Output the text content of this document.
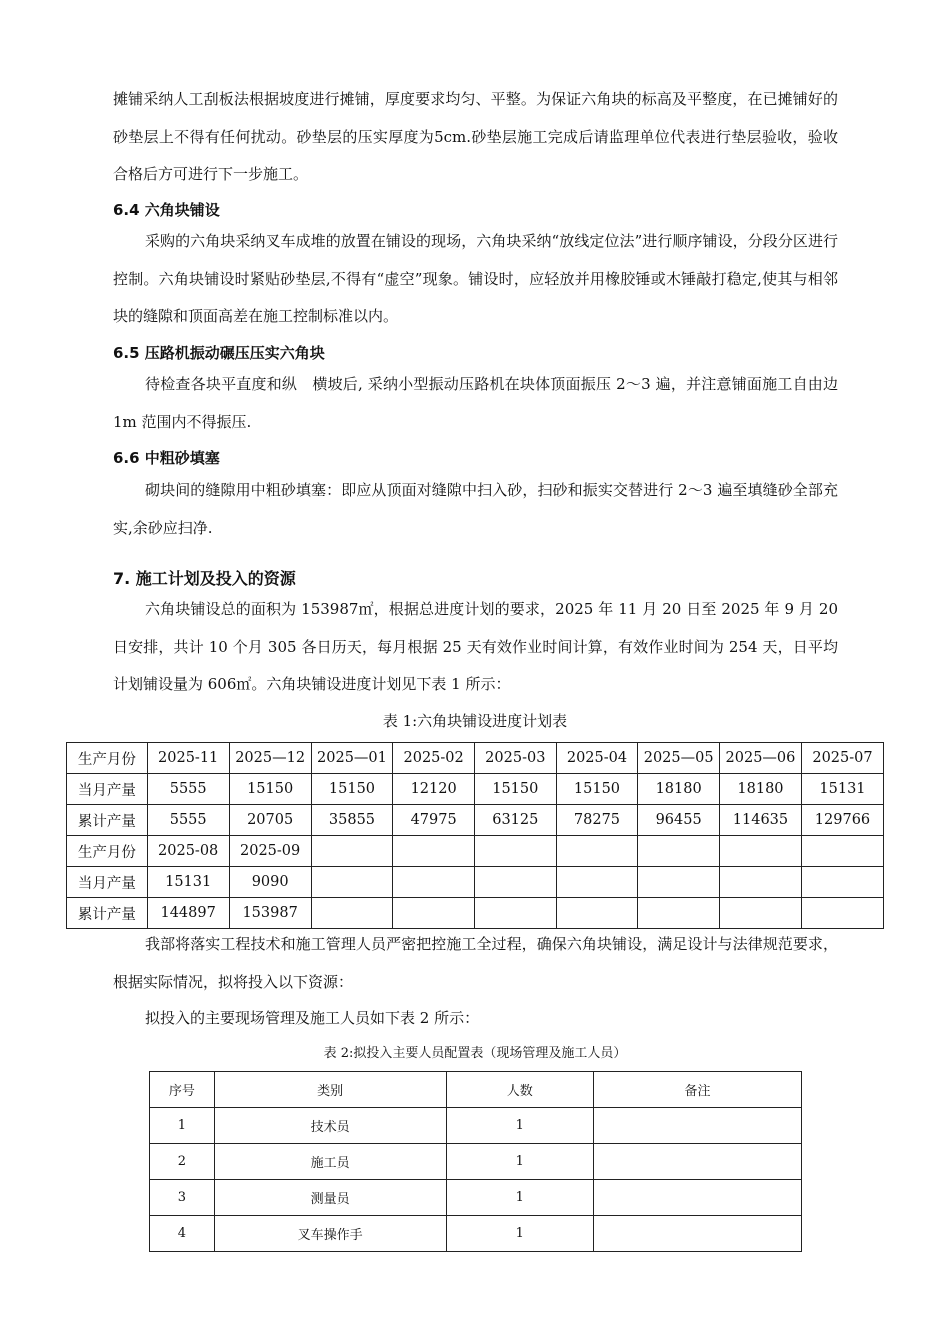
摊铺采纳人工刮板法根据坡度进行摊铺，厚度要求均匀、平整。为保证六角块的标高及平整度，在已摊铺好的砂垫层上不得有任何扰动。砂垫层的压实厚度为5cm.砂垫层施工完成后请监理单位代表进行垫层验收，验收合格后方可进行下一步施工。

6.4 六角块铺设

采购的六角块采纳叉车成堆的放置在铺设的现场，六角块采纳“放线定位法”进行顺序铺设，分段分区进行控制。六角块铺设时紧贴砂垫层,不得有“虚空”现象。铺设时，应轻放并用橡胶锤或木锤敲打稳定,使其与相邻块的缝隙和顶面高差在施工控制标准以内。

6.5 压路机振动碾压压实六角块

待检查各块平直度和纵　横坡后, 采纳小型振动压路机在块体顶面振压 2～3 遍，并注意铺面施工自由边 1m 范围内不得振压.

6.6 中粗砂填塞

砌块间的缝隙用中粗砂填塞：即应从顶面对缝隙中扫入砂，扫砂和振实交替进行 2～3 遍至填缝砂全部充实,余砂应扫净.

7. 施工计划及投入的资源

六角块铺设总的面积为 153987㎡，根据总进度计划的要求，2025 年 11 月 20 日至 2025 年 9 月 20 日安排，共计 10 个月 305 各日历天，每月根据 25 天有效作业时间计算，有效作业时间为 254 天，日平均计划铺设量为 606㎡。六角块铺设进度计划见下表 1 所示：

表 1:六角块铺设进度计划表

生产月份	2025-11	2025—12	2025—01	2025-02	2025-03	2025-04	2025—05	2025—06	2025-07
当月产量	5555	15150	15150	12120	15150	15150	18180	18180	15131
累计产量	5555	20705	35855	47975	63125	78275	96455	114635	129766
生产月份	2025-08	2025-09							
当月产量	15131	9090							
累计产量	144897	153987							

我部将落实工程技术和施工管理人员严密把控施工全过程，确保六角块铺设，满足设计与法律规范要求，根据实际情况，拟将投入以下资源：

拟投入的主要现场管理及施工人员如下表 2 所示：

表 2:拟投入主要人员配置表（现场管理及施工人员）

序号	类别	人数	备注
1	技术员	1	
2	施工员	1	
3	测量员	1	
4	叉车操作手	1	
